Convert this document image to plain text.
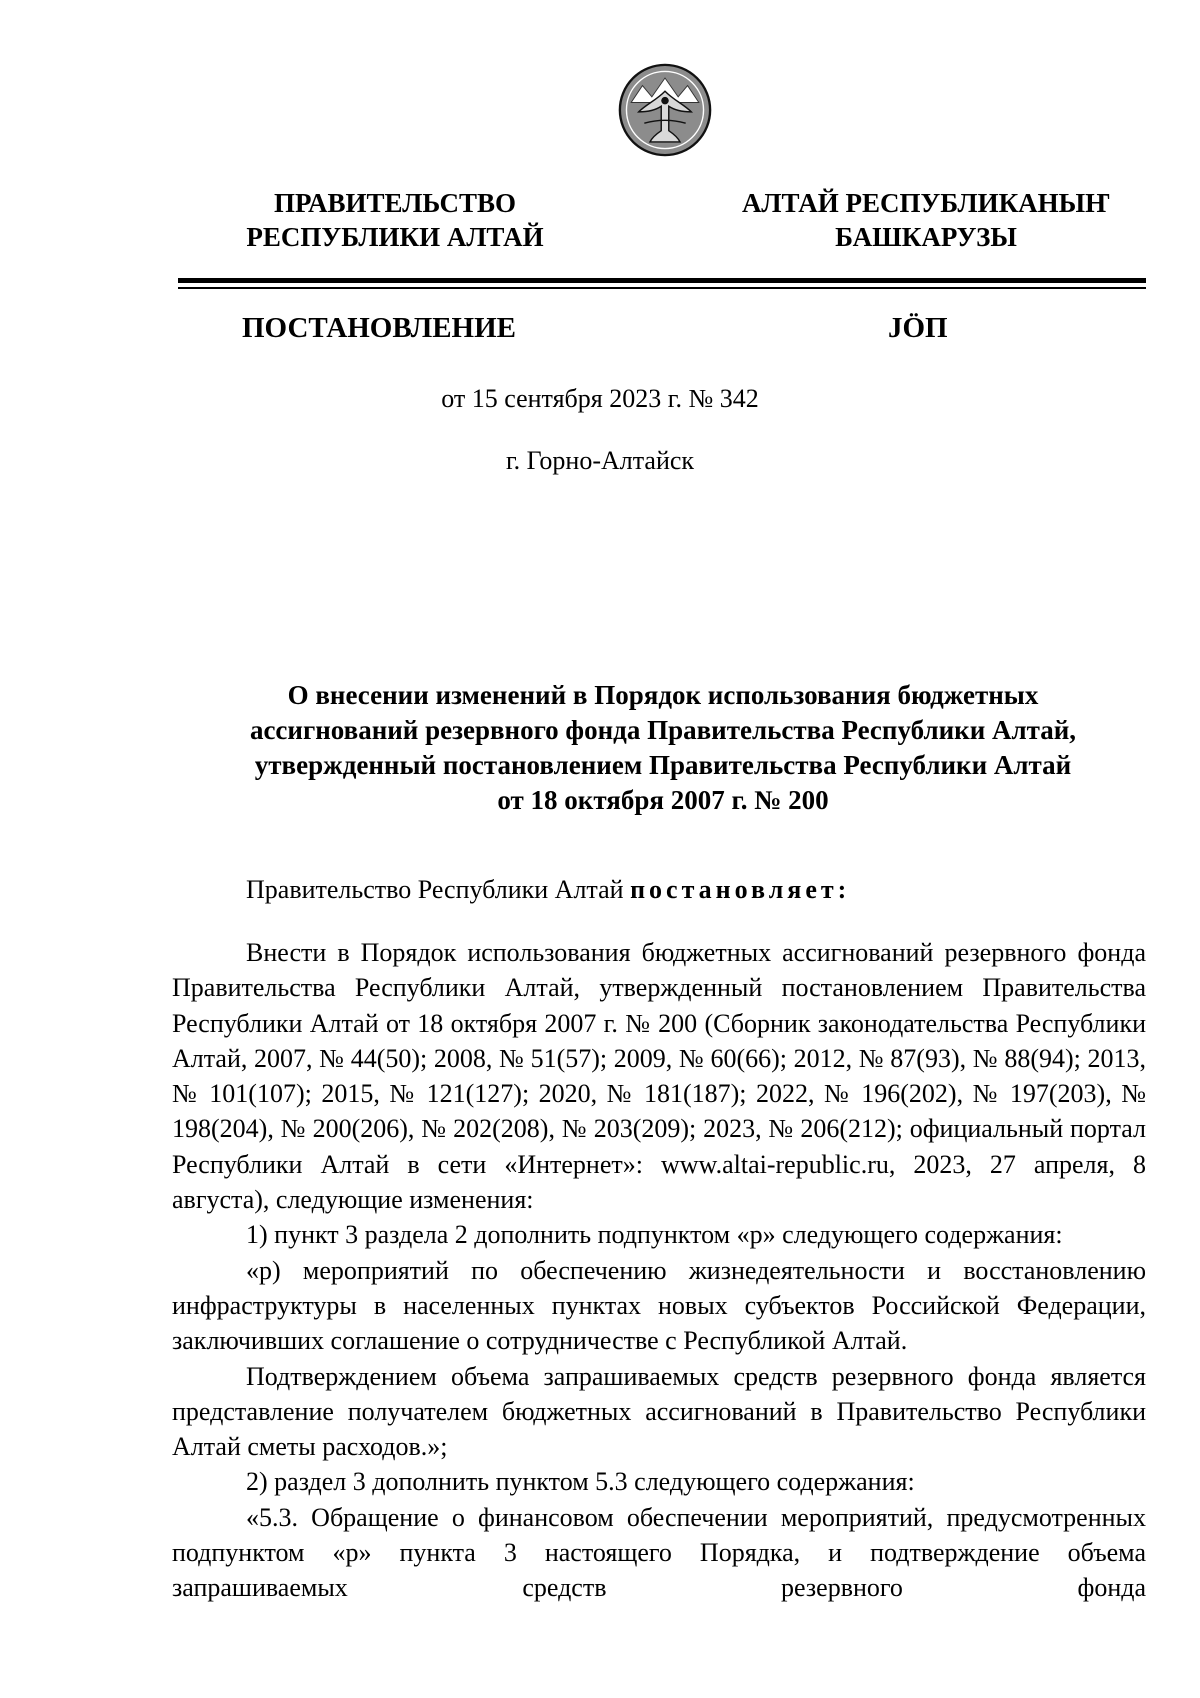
ПРАВИТЕЛЬСТВО
РЕСПУБЛИКИ АЛТАЙ
АЛТАЙ РЕСПУБЛИКАНЫҤ
БАШКАРУЗЫ
ПОСТАНОВЛЕНИЕ	JӦП
от 15 сентября 2023 г. № 342
г. Горно-Алтайск
О внесении изменений в Порядок использования бюджетных
ассигнований резервного фонда Правительства Республики Алтай,
утвержденный постановлением Правительства Республики Алтай
от 18 октября 2007 г. № 200
Правительство Республики Алтай постановляет:

Внести в Порядок использования бюджетных ассигнований резервного фонда Правительства Республики Алтай, утвержденный постановлением Правительства Республики Алтай от 18 октября 2007 г. № 200 (Сборник законодательства Республики Алтай, 2007, № 44(50); 2008, № 51(57); 2009, № 60(66); 2012, № 87(93), № 88(94); 2013, № 101(107); 2015, № 121(127); 2020, № 181(187); 2022, № 196(202), № 197(203), № 198(204), № 200(206), № 202(208), № 203(209); 2023, № 206(212); официальный портал Республики Алтай в сети «Интернет»: www.altai-republic.ru, 2023, 27 апреля, 8 августа), следующие изменения:

1) пункт 3 раздела 2 дополнить подпунктом «р» следующего содержания:

«р) мероприятий по обеспечению жизнедеятельности и восстановлению инфраструктуры в населенных пунктах новых субъектов Российской Федерации, заключивших соглашение о сотрудничестве с Республикой Алтай.

Подтверждением объема запрашиваемых средств резервного фонда является представление получателем бюджетных ассигнований в Правительство Республики Алтай сметы расходов.»;

2) раздел 3 дополнить пунктом 5.3 следующего содержания:

«5.3. Обращение о финансовом обеспечении мероприятий, предусмотренных подпунктом «р» пункта 3 настоящего Порядка, и подтверждение объема запрашиваемых средств резервного фонда
